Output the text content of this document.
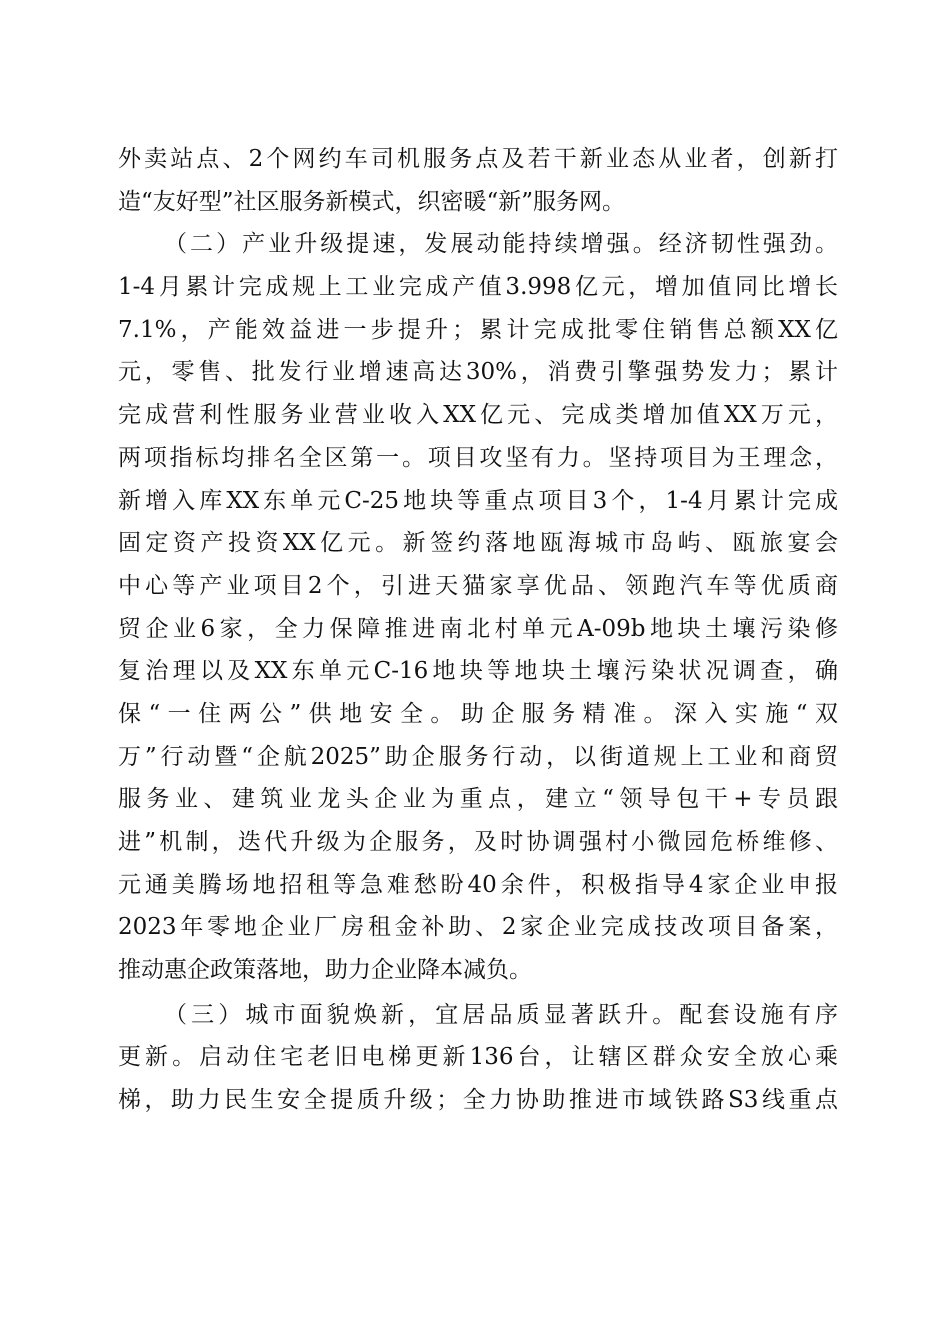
外卖站点、2个网约车司机服务点及若干新业态从业者，创新打
造“友好型”社区服务新模式，织密暖“新”服务网。
（二）产业升级提速，发展动能持续增强。经济韧性强劲。
1-4月累计完成规上工业完成产值3.998亿元，增加值同比增长
7.1%，产能效益进一步提升；累计完成批零住销售总额XX亿
元，零售、批发行业增速高达30%，消费引擎强势发力；累计
完成营利性服务业营业收入XX亿元、完成类增加值XX万元，
两项指标均排名全区第一。项目攻坚有力。坚持项目为王理念，
新增入库XX东单元C-25地块等重点项目3个，1-4月累计完成
固定资产投资XX亿元。新签约落地瓯海城市岛屿、瓯旅宴会
中心等产业项目2个，引进天猫家享优品、领跑汽车等优质商
贸企业6家，全力保障推进南北村单元A-09b地块土壤污染修
复治理以及XX东单元C-16地块等地块土壤污染状况调查，确
保“一住两公”供地安全。助企服务精准。深入实施“双
万”行动暨“企航2025”助企服务行动，以街道规上工业和商贸
服务业、建筑业龙头企业为重点，建立“领导包干+专员跟
进”机制，迭代升级为企服务，及时协调强村小微园危桥维修、
元通美腾场地招租等急难愁盼40余件，积极指导4家企业申报
2023年零地企业厂房租金补助、2家企业完成技改项目备案，
推动惠企政策落地，助力企业降本减负。
（三）城市面貌焕新，宜居品质显著跃升。配套设施有序
更新。启动住宅老旧电梯更新136台，让辖区群众安全放心乘
梯，助力民生安全提质升级；全力协助推进市域铁路S3线重点
